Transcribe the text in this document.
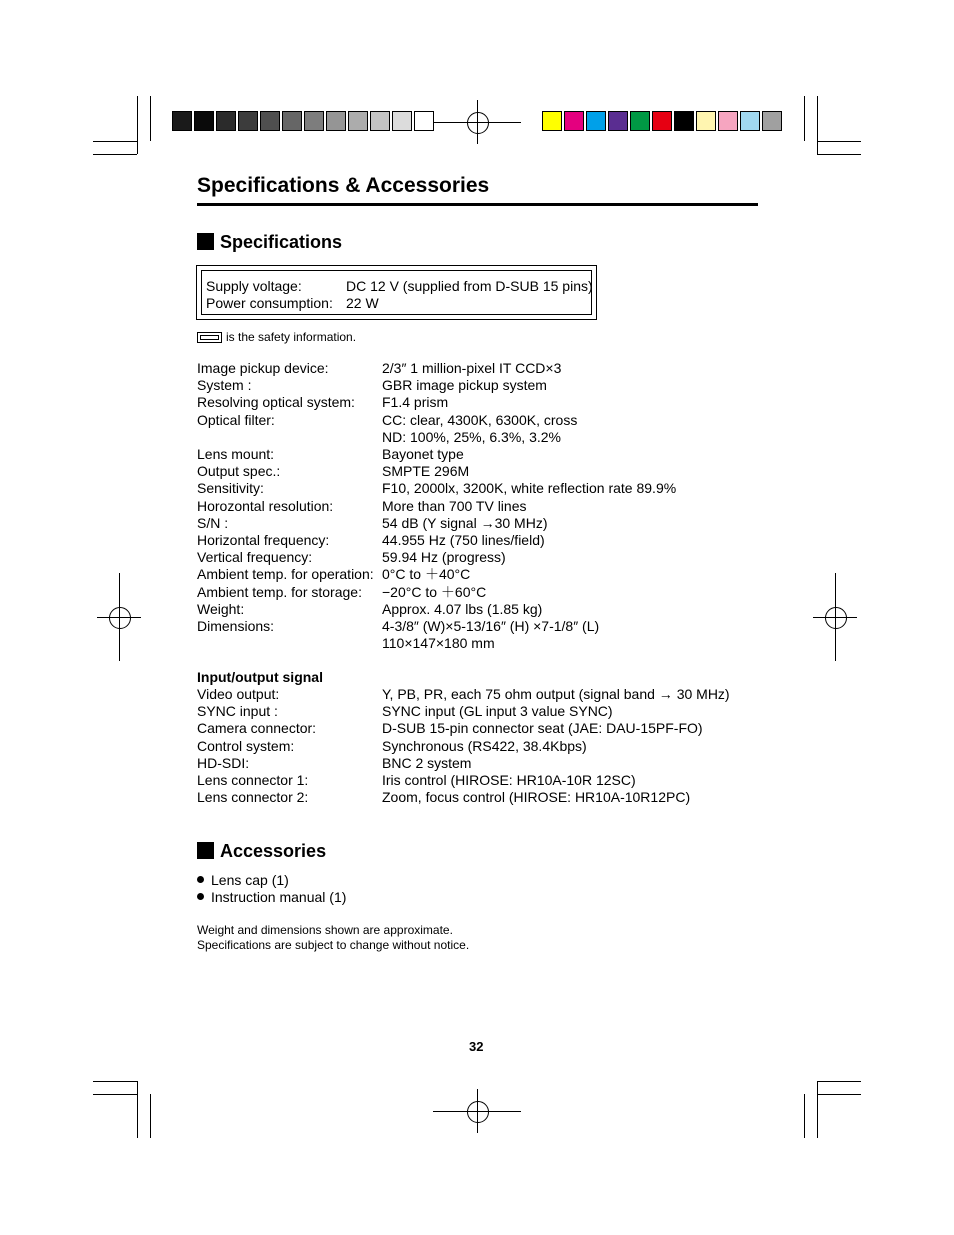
Specifications & Accessories
Specifications
Supply voltage:	DC 12 V (supplied from D-SUB 15 pins)
Power consumption: 22 W
is the safety information.
Image pickup device:	2/3″ 1 million-pixel IT CCD×3
System :	GBR image pickup system
Resolving optical system: F1.4 prism
Optical filter:	CC: clear, 4300K, 6300K, cross
ND: 100%, 25%, 6.3%, 3.2%
Lens mount:	Bayonet type
Output spec.:	SMPTE 296M
Sensitivity:	F10, 2000lx, 3200K, white reflection rate 89.9%
Horozontal resolution:	More than 700 TV lines
S/N :	54 dB (Y signal →30 MHz)
Horizontal frequency:	44.955 Hz (750 lines/field)
Vertical frequency:	59.94 Hz (progress)
Ambient temp. for operation: 0°C to ＋40°C
Ambient temp. for storage: −20°C to ＋60°C
Weight:	Approx. 4.07 lbs (1.85 kg)
Dimensions:	4-3/8″ (W)×5-13/16″ (H) ×7-1/8″ (L)
110×147×180 mm
Input/output signal
Video output:	Y, PB, PR, each 75 ohm output (signal band → 30 MHz)
SYNC input :	SYNC input (GL input 3 value SYNC)
Camera connector:	D-SUB 15-pin connector seat (JAE: DAU-15PF-FO)
Control system:	Synchronous (RS422, 38.4Kbps)
HD-SDI:	BNC 2 system
Lens connector 1:	Iris control (HIROSE: HR10A-10R 12SC)
Lens connector 2:	Zoom, focus control (HIROSE: HR10A-10R12PC)
Accessories
Lens cap (1)
Instruction manual (1)
Weight and dimensions shown are approximate.
Specifications are subject to change without notice.
32
